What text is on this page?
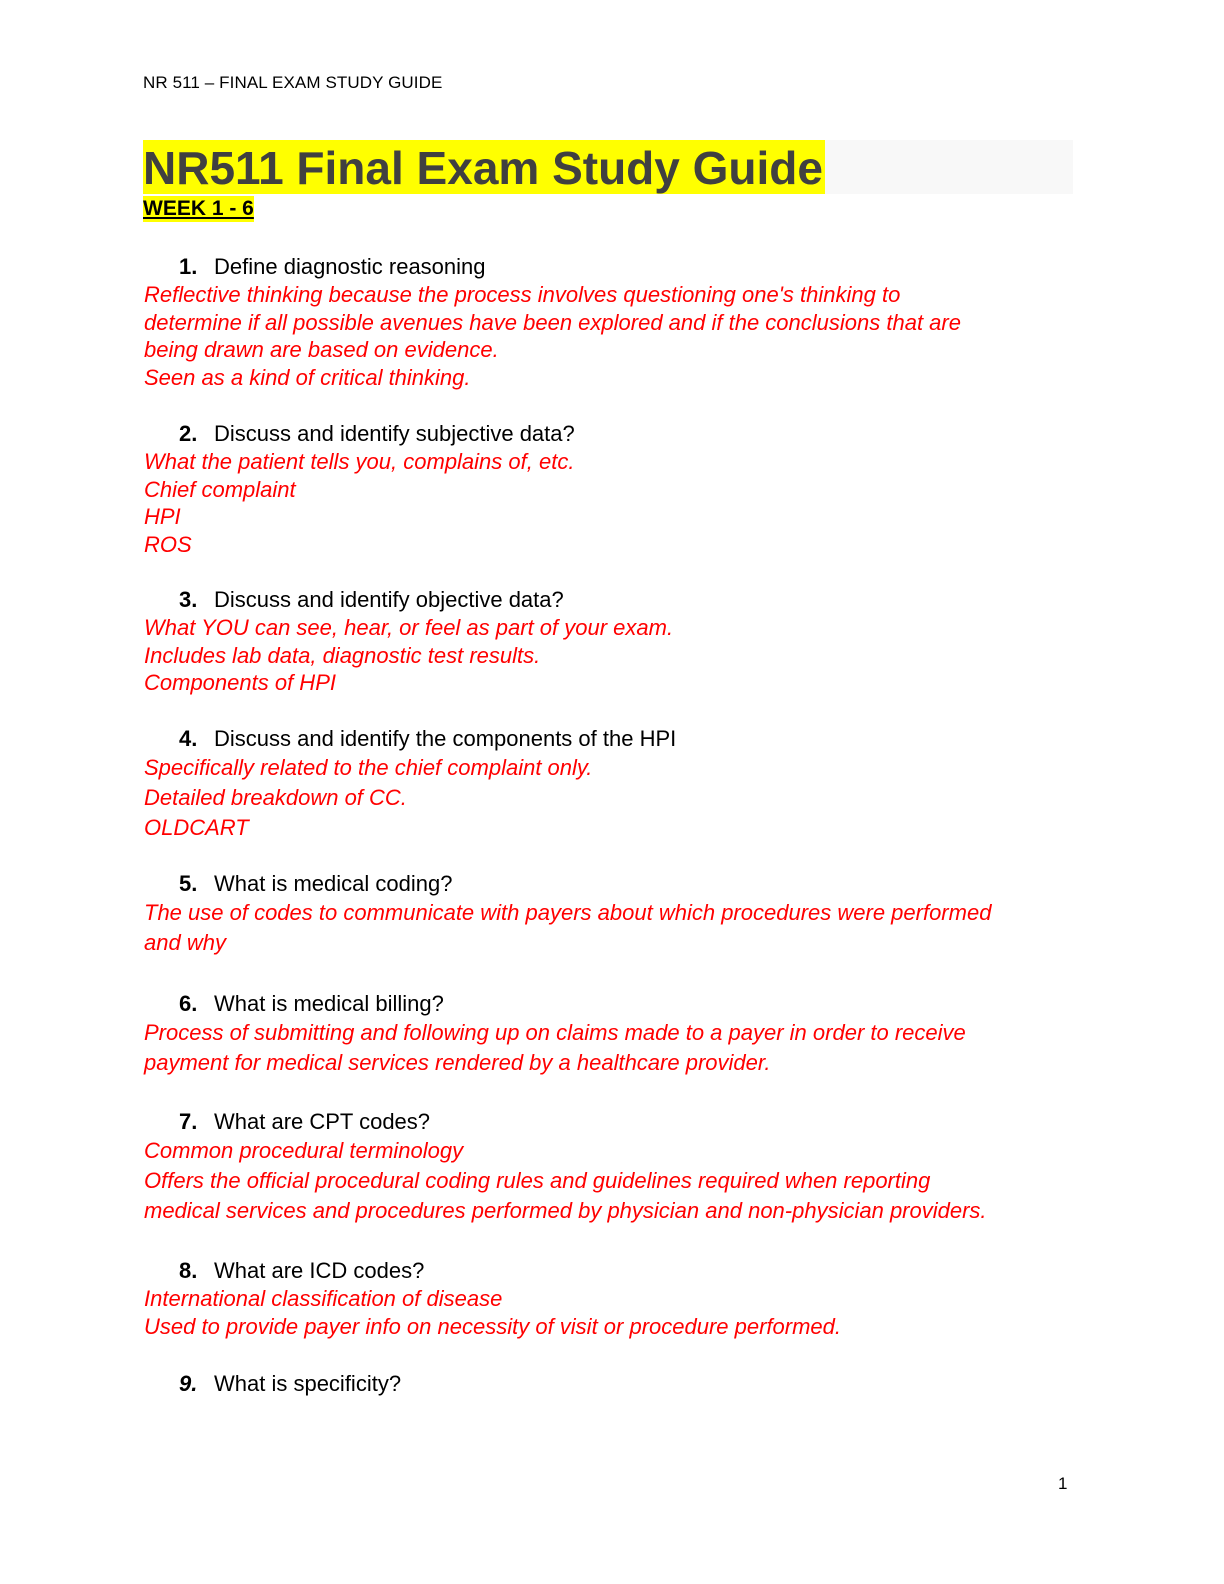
NR 511 – FINAL EXAM STUDY GUIDE
NR511 Final Exam Study Guide
WEEK 1 - 6
1. Define diagnostic reasoning
Reflective thinking because the process involves questioning one's thinking to
determine if all possible avenues have been explored and if the conclusions that are
being drawn are based on evidence.
Seen as a kind of critical thinking.
2. Discuss and identify subjective data?
What the patient tells you, complains of, etc.
Chief complaint
HPI
ROS
3. Discuss and identify objective data?
What YOU can see, hear, or feel as part of your exam.
Includes lab data, diagnostic test results.
Components of HPI
4. Discuss and identify the components of the HPI
Specifically related to the chief complaint only.
Detailed breakdown of CC.
OLDCART
5. What is medical coding?
The use of codes to communicate with payers about which procedures were performed
and why
6. What is medical billing?
Process of submitting and following up on claims made to a payer in order to receive
payment for medical services rendered by a healthcare provider.
7. What are CPT codes?
Common procedural terminology
Offers the official procedural coding rules and guidelines required when reporting
medical services and procedures performed by physician and non-physician providers.
8. What are ICD codes?
International classification of disease
Used to provide payer info on necessity of visit or procedure performed.
9. What is specificity?
1
